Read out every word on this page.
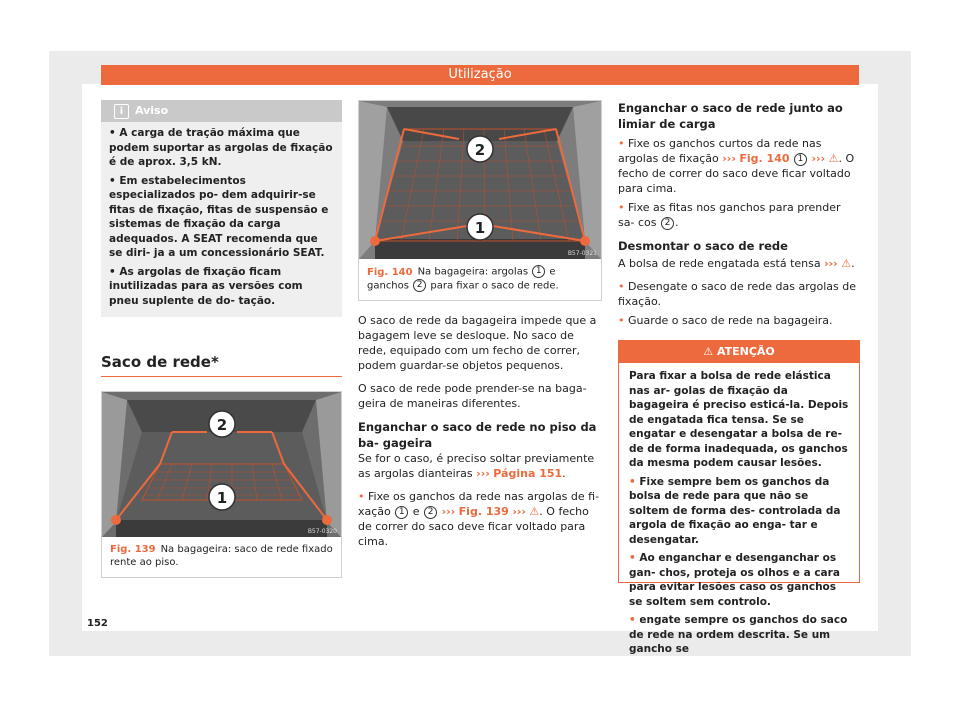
Utilização
i Aviso
• A carga de tração máxima que podem suportar as argolas de fixação é de aprox. 3,5 kN.
• Em estabelecimentos especializados po- dem adquirir-se fitas de fixação, fitas de suspensão e sistemas de fixação da carga adequados. A SEAT recomenda que se diri- ja a um concessionário SEAT.
• As argolas de fixação ficam inutilizadas para as versões com pneu suplente de do- tação.
Saco de rede*
2
1
B57-0320
Fig. 139 Na bagageira: saco de rede fixado rente ao piso.
2
1
B57-0321
Fig. 140 Na bagageira: argolas 1 e ganchos 2 para fixar o saco de rede.

O saco de rede da bagageira impede que a bagagem leve se desloque. No saco de rede, equipado com um fecho de correr, podem guardar-se objetos pequenos.

O saco de rede pode prender-se na baga- geira de maneiras diferentes.

Enganchar o saco de rede no piso da ba- gageira

Se for o caso, é preciso soltar previamente as argolas dianteiras ››› Página 151.

• Fixe os ganchos da rede nas argolas de fi- xação 1 e 2 ››› Fig. 139 ››› ⚠. O fecho de correr do saco deve ficar voltado para cima.

Enganchar o saco de rede junto ao limiar de carga

• Fixe os ganchos curtos da rede nas argolas de fixação ››› Fig. 140 1 ››› ⚠. O fecho de correr do saco deve ficar voltado para cima.

• Fixe as fitas nos ganchos para prender sa- cos 2 .

Desmontar o saco de rede

A bolsa de rede engatada está tensa ››› ⚠.

• Desengate o saco de rede das argolas de fixação.

• Guarde o saco de rede na bagageira.

⚠ ATENÇÃO

Para fixar a bolsa de rede elástica nas ar- golas de fixação da bagageira é preciso esticá-la. Depois de engatada fica tensa. Se se engatar e desengatar a bolsa de re- de de forma inadequada, os ganchos da mesma podem causar lesões.

• Fixe sempre bem os ganchos da bolsa de rede para que não se soltem de forma des- controlada da argola de fixação ao enga- tar e desengatar.

• Ao enganchar e desenganchar os gan- chos, proteja os olhos e a cara para evitar lesões caso os ganchos se soltem sem controlo.

• engate sempre os ganchos do saco de rede na ordem descrita. Se um gancho se

152
